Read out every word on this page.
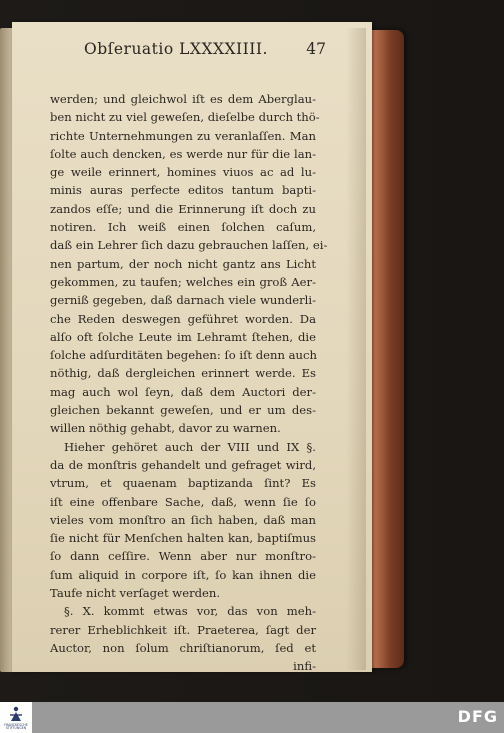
Obſeruatio LXXXXIIII. 47
werden; und gleichwol iſt es dem Aberglau-
ben nicht zu viel geweſen, dieſelbe durch thö-
richte Unternehmungen zu veranlaſſen. Man
ſolte auch dencken, es werde nur für die lan-
ge weile erinnert, homines viuos ac ad lu-
minis auras perfecte editos tantum bapti-
zandos eſſe; und die Erinnerung iſt doch zu
notiren. Ich weiß einen ſolchen caſum,
daß ein Lehrer ſich dazu gebrauchen laſſen, ei-
nen partum, der noch nicht gantz ans Licht
gekommen, zu taufen; welches ein groß Aer-
gerniß gegeben, daß darnach viele wunderli-
che Reden deswegen geführet worden. Da
alſo oft ſolche Leute im Lehramt ſtehen, die
ſolche adſurditäten begehen: ſo iſt denn auch
nöthig, daß dergleichen erinnert werde. Es
mag auch wol ſeyn, daß dem Auctori der-
gleichen bekannt geweſen, und er um des-
willen nöthig gehabt, davor zu warnen.
Hieher gehöret auch der VIII und IX §.
da de monſtris gehandelt und gefraget wird,
vtrum, et quaenam baptizanda ſint? Es
iſt eine offenbare Sache, daß, wenn ſie ſo
vieles vom monſtro an ſich haben, daß man
ſie nicht für Menſchen halten kan, baptiſmus
ſo dann ceſſire. Wenn aber nur monſtro-
ſum aliquid in corpore iſt, ſo kan ihnen die
Taufe nicht verſaget werden.
§. X. kommt etwas vor, das von meh-
rerer Erheblichkeit iſt. Praeterea, ſagt der
Auctor, non ſolum chriſtianorum, ſed et
infi-
FRANCKESCHE STIFTUNGEN
DFG
